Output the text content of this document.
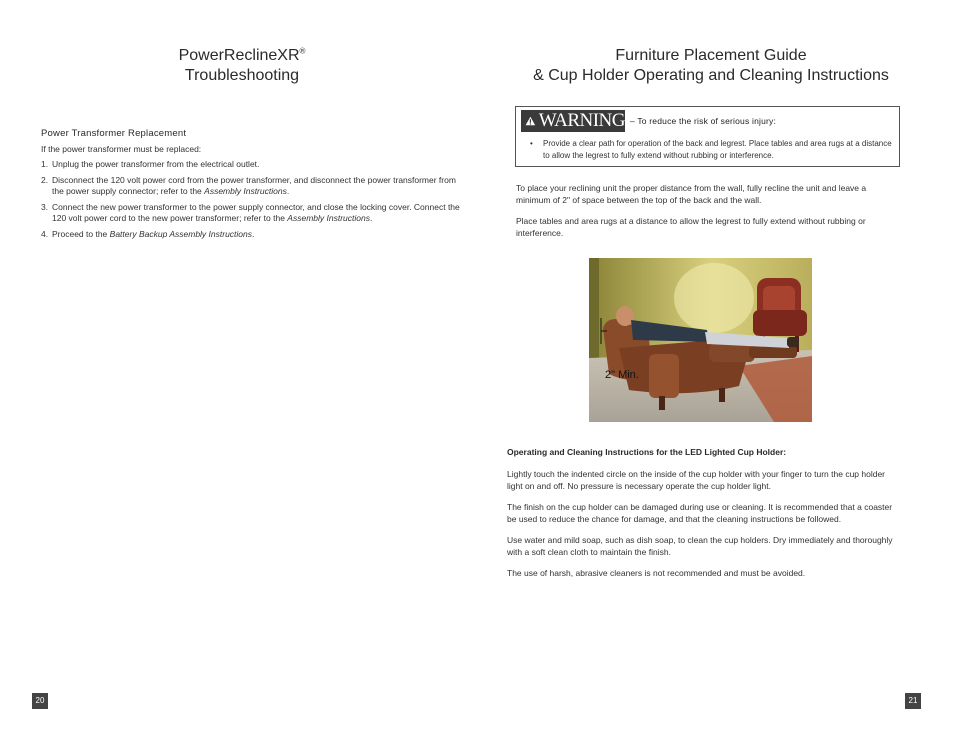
PowerReclineXR®
Troubleshooting
Power Transformer Replacement
If the power transformer must be replaced:
1. Unplug the power transformer from the electrical outlet.
2. Disconnect the 120 volt power cord from the power transformer, and disconnect the power transformer from the power supply connector; refer to the Assembly Instructions.
3. Connect the new power transformer to the power supply connector, and close the locking cover. Connect the 120 volt power cord to the new power transformer; refer to the Assembly Instructions.
4. Proceed to the Battery Backup Assembly Instructions.
20
Furniture Placement Guide
& Cup Holder Operating and Cleaning Instructions
WARNING – To reduce the risk of serious injury:
• Provide a clear path for operation of the back and legrest. Place tables and area rugs at a distance to allow the legrest to fully extend without rubbing or interference.

To place your reclining unit the proper distance from the wall, fully recline the unit and leave a minimum of 2" of space between the top of the back and the wall.

Place tables and area rugs at a distance to allow the legrest to fully extend without rubbing or interference.

2" Min.
Operating and Cleaning Instructions for the LED Lighted Cup Holder:

Lightly touch the indented circle on the inside of the cup holder with your finger to turn the cup holder light on and off. No pressure is necessary operate the cup holder light.

The finish on the cup holder can be damaged during use or cleaning. It is recommended that a coaster be used to reduce the chance for damage, and that the cleaning instructions be followed.

Use water and mild soap, such as dish soap, to clean the cup holders. Dry immediately and thoroughly with a soft clean cloth to maintain the finish.

The use of harsh, abrasive cleaners is not recommended and must be avoided.

21
